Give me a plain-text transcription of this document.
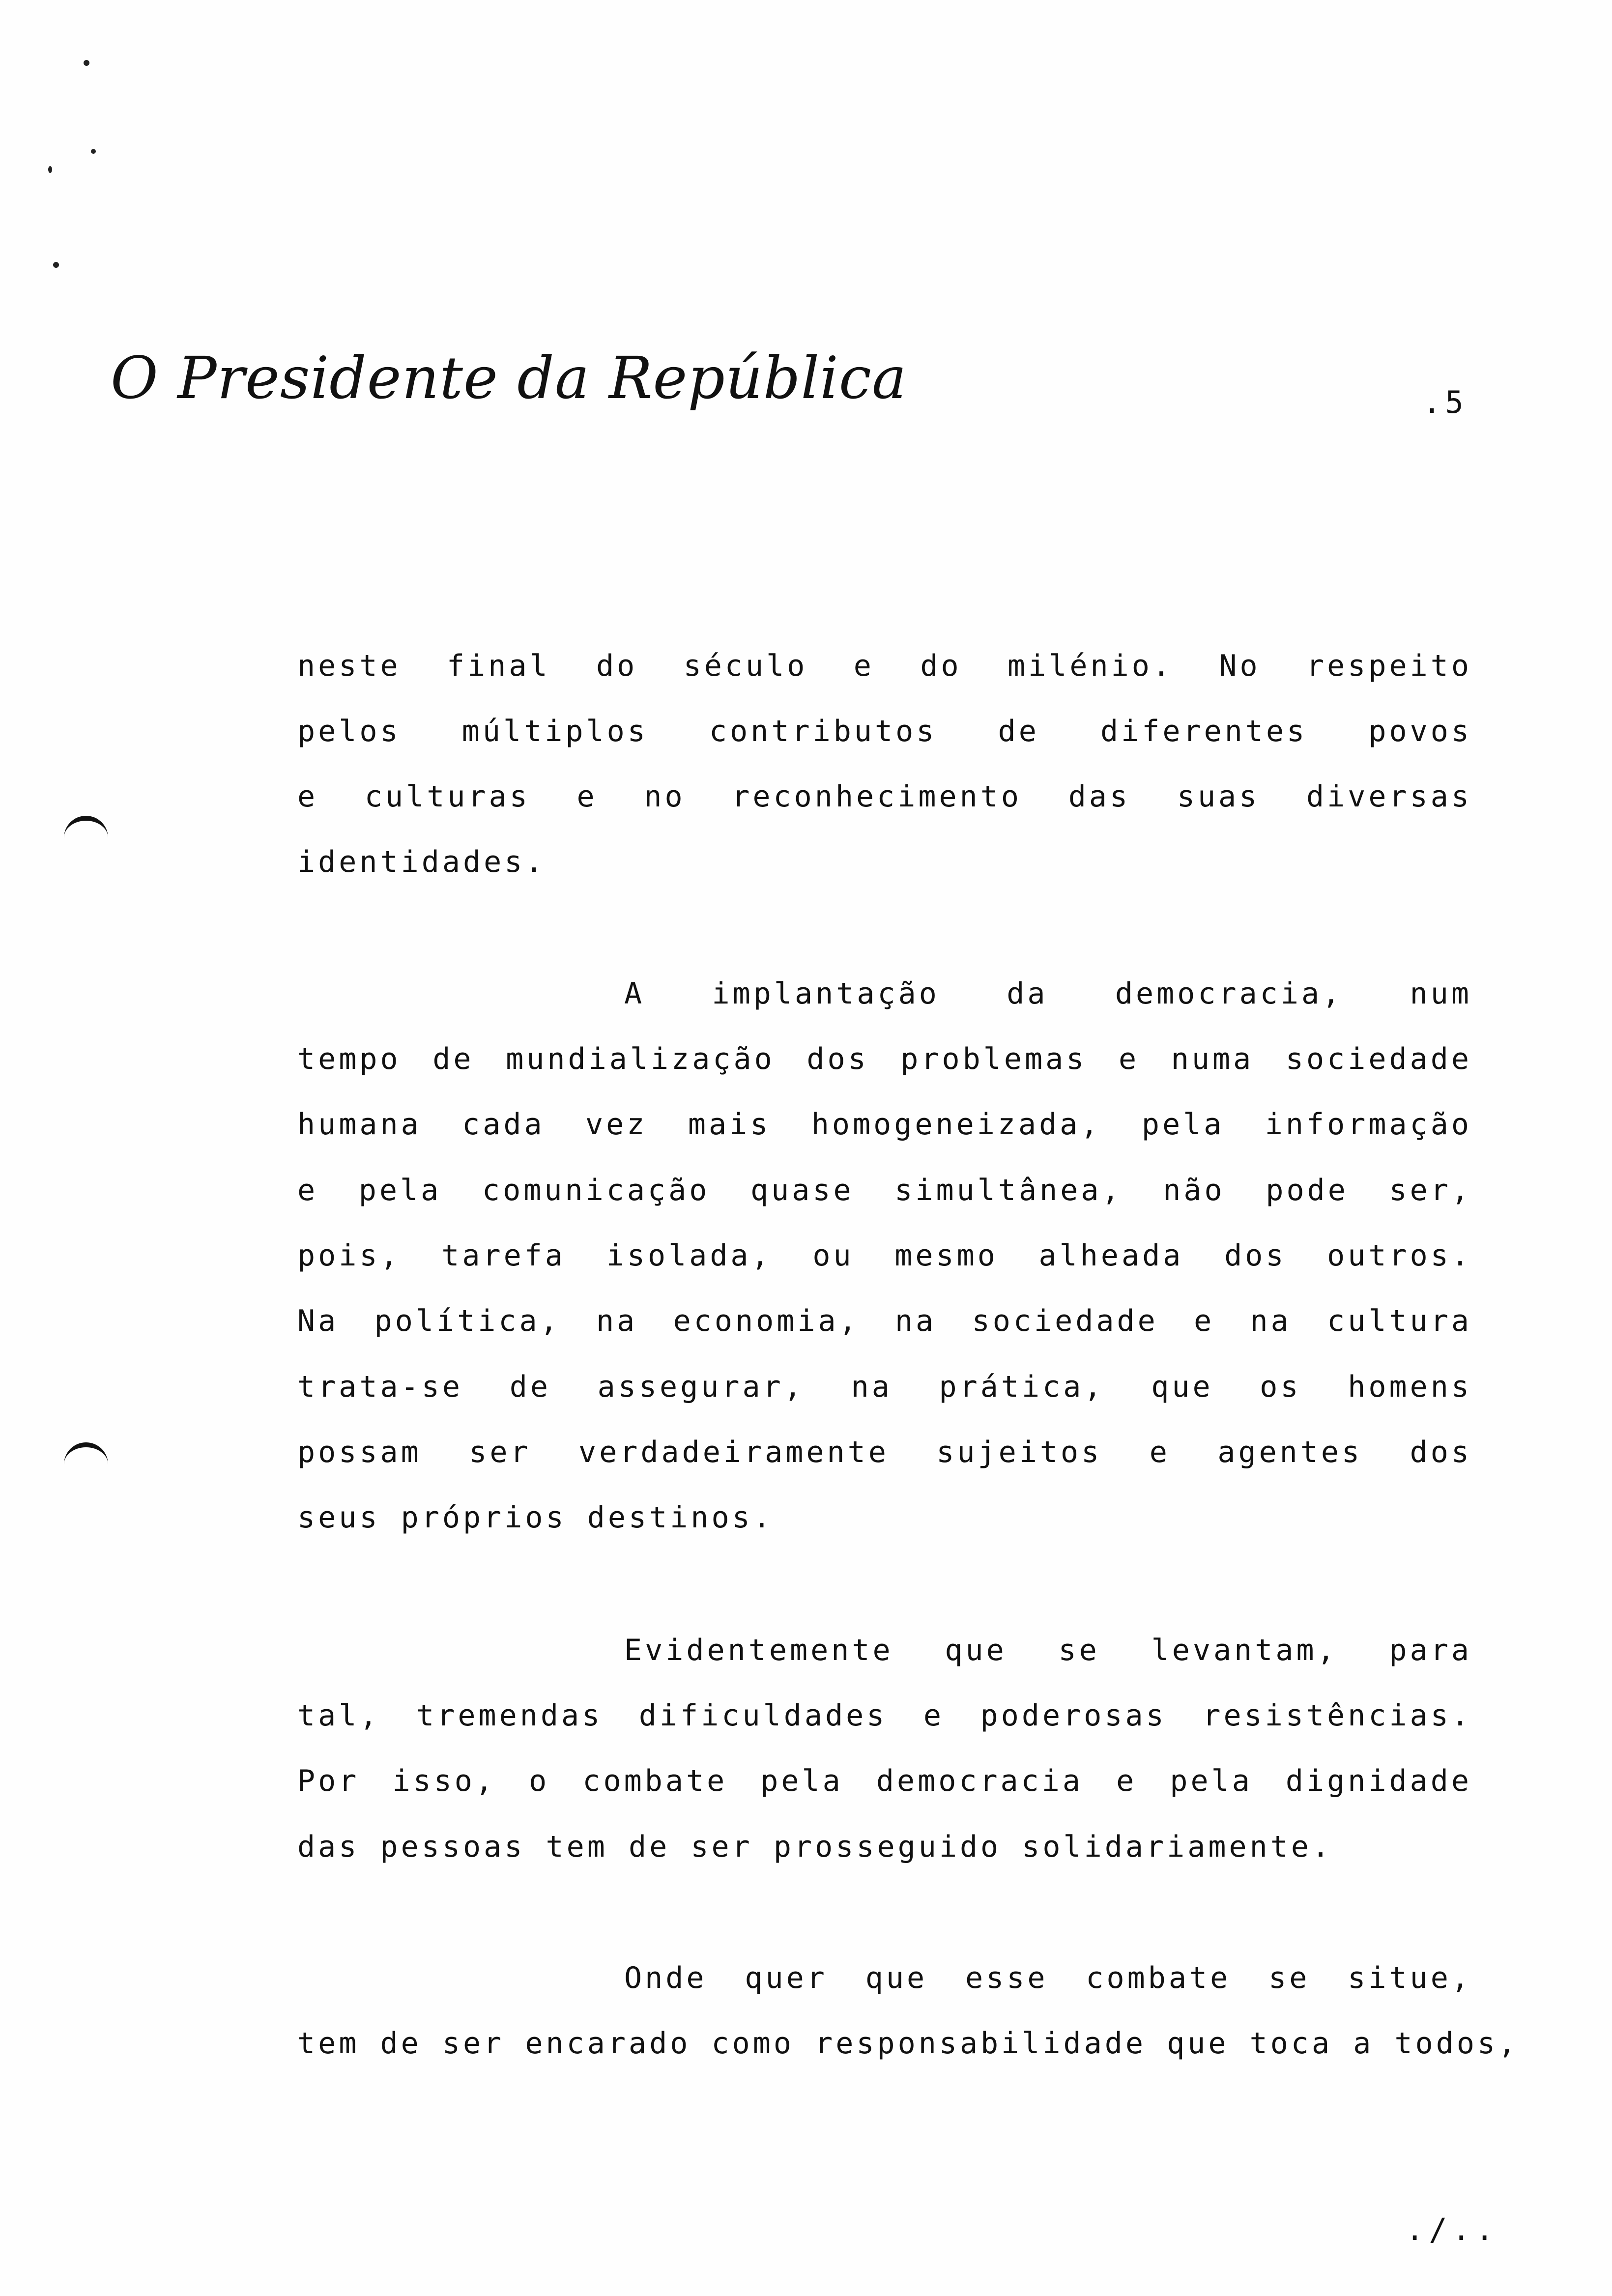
O Presidente da República	.5
neste final do século e do milénio. No respeito
pelos múltiplos contributos de diferentes povos
e culturas e no reconhecimento das suas diversas
identidades.
A implantação da democracia, num
tempo de mundialização dos problemas e numa sociedade
humana cada vez mais homogeneizada, pela informação
e pela comunicação quase simultânea, não pode ser,
pois, tarefa isolada, ou mesmo alheada dos outros.
Na política, na economia, na sociedade e na cultura
trata-se de assegurar, na prática, que os homens
possam ser verdadeiramente sujeitos e agentes dos
seus próprios destinos.
Evidentemente que se levantam, para
tal, tremendas dificuldades e poderosas resistências.
Por isso, o combate pela democracia e pela dignidade
das pessoas tem de ser prosseguido solidariamente.
Onde quer que esse combate se situe,
tem de ser encarado como responsabilidade que toca a todos,
./..
